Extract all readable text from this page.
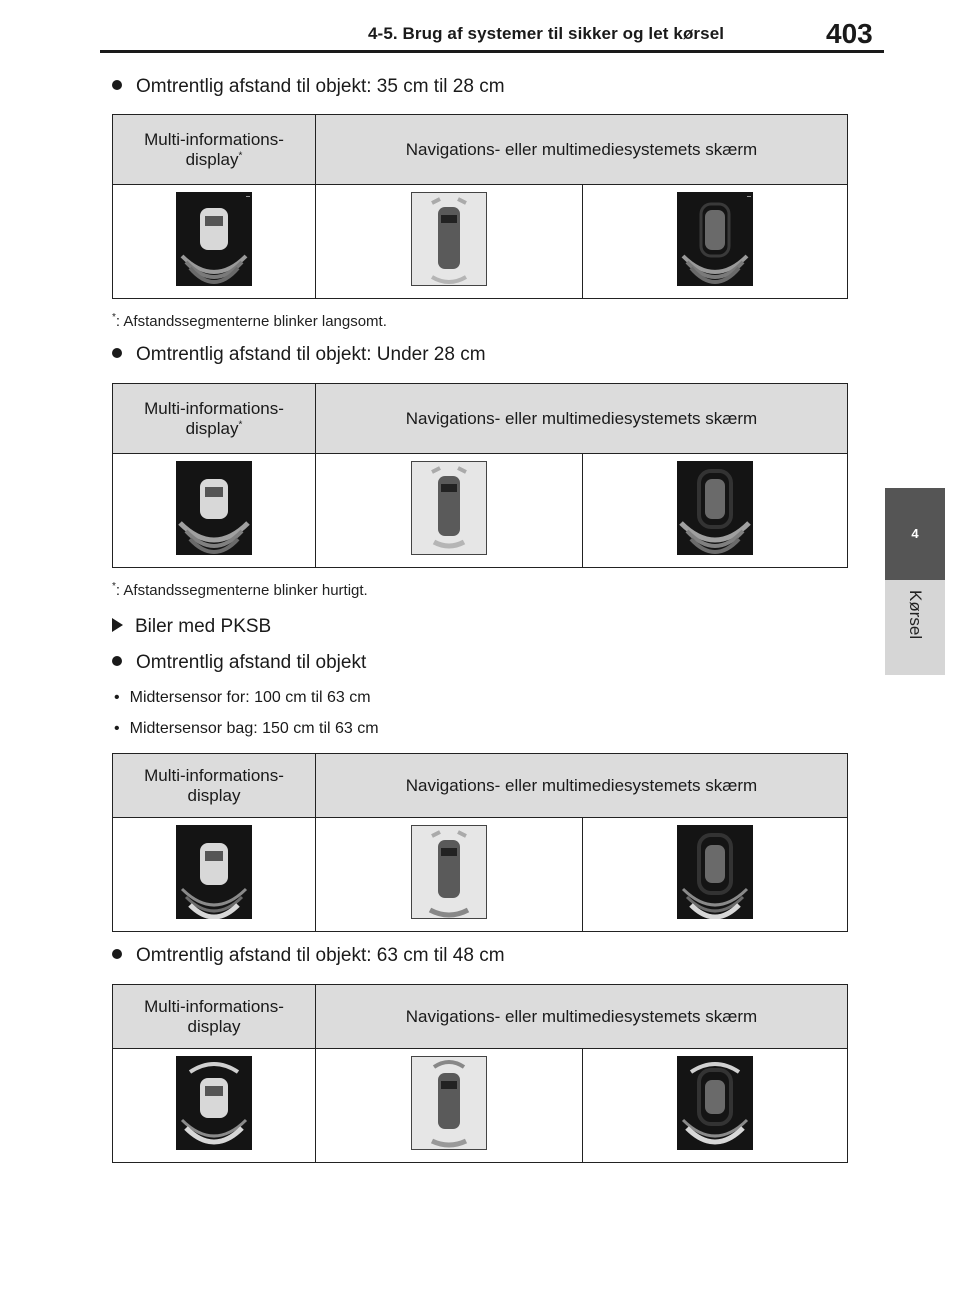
4-5. Brug af systemer til sikker og let kørsel	403
4
Kørsel
Omtrentlig afstand til objekt: 35 cm til 28 cm
Multi-informations-
display*	Navigations- eller multimediesystemets skærm	

*: Afstandssegmenterne blinker langsomt.
Omtrentlig afstand til objekt: Under 28 cm
Multi-informations-
display*	Navigations- eller multimediesystemets skærm	

*: Afstandssegmenterne blinker hurtigt.
Biler med PKSB
Omtrentlig afstand til objekt
• Midtersensor for: 100 cm til 63 cm
• Midtersensor bag: 150 cm til 63 cm
Multi-informations-
display	Navigations- eller multimediesystemets skærm	

Omtrentlig afstand til objekt: 63 cm til 48 cm
Multi-informations-
display	Navigations- eller multimediesystemets skærm	
